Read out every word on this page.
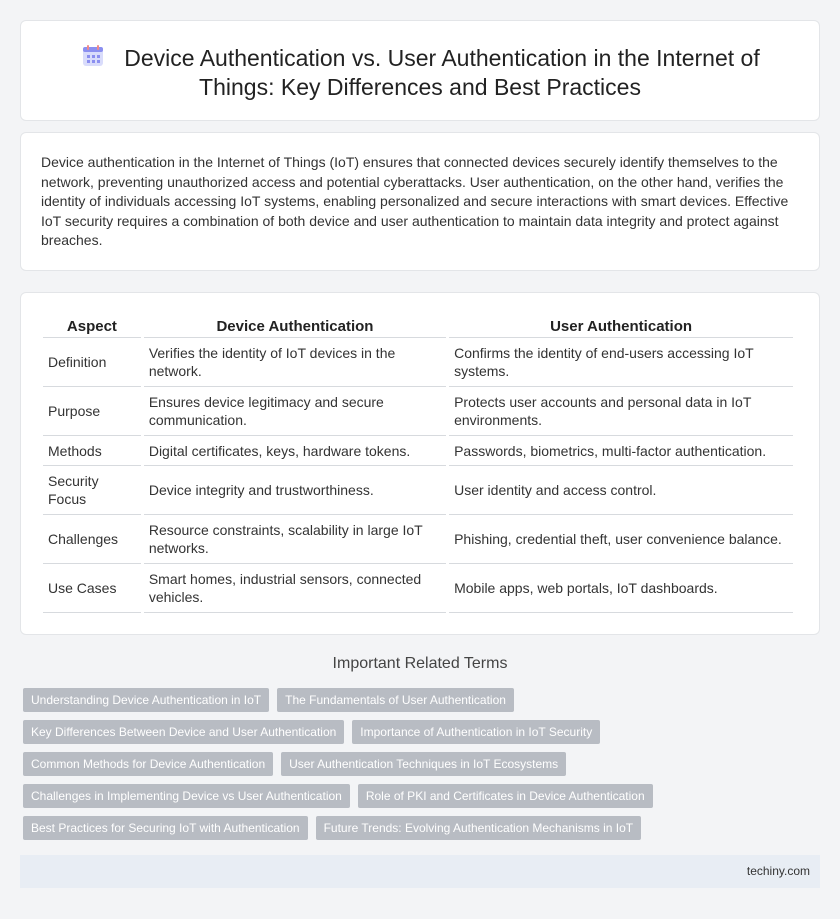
Device Authentication vs. User Authentication in the Internet of Things: Key Differences and Best Practices

Device authentication in the Internet of Things (IoT) ensures that connected devices securely identify themselves to the network, preventing unauthorized access and potential cyberattacks. User authentication, on the other hand, verifies the identity of individuals accessing IoT systems, enabling personalized and secure interactions with smart devices. Effective IoT security requires a combination of both device and user authentication to maintain data integrity and protect against breaches.

Aspect	Device Authentication	User Authentication
Definition	Verifies the identity of IoT devices in the network.	Confirms the identity of end-users accessing IoT systems.
Purpose	Ensures device legitimacy and secure communication.	Protects user accounts and personal data in IoT environments.
Methods	Digital certificates, keys, hardware tokens.	Passwords, biometrics, multi-factor authentication.
Security Focus	Device integrity and trustworthiness.	User identity and access control.
Challenges	Resource constraints, scalability in large IoT networks.	Phishing, credential theft, user convenience balance.
Use Cases	Smart homes, industrial sensors, connected vehicles.	Mobile apps, web portals, IoT dashboards.
Important Related Terms
Understanding Device Authentication in IoT	The Fundamentals of User Authentication
Key Differences Between Device and User Authentication	Importance of Authentication in IoT Security
Common Methods for Device Authentication	User Authentication Techniques in IoT Ecosystems
Challenges in Implementing Device vs User Authentication	Role of PKI and Certificates in Device Authentication
Best Practices for Securing IoT with Authentication	Future Trends: Evolving Authentication Mechanisms in IoT
techiny.com
